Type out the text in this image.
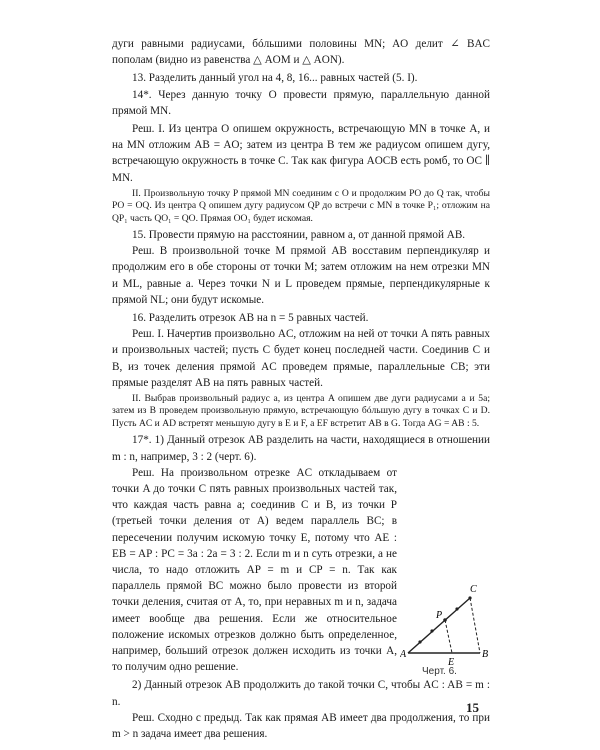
дуги равными радиусами, бóльшими половины MN; AO делит ∠ BAC пополам (видно из равенства △ AOM и △ AON).

13. Разделить данный угол на 4, 8, 16... равных частей (5. I).

14*. Через данную точку O провести прямую, параллельную данной прямой MN.

Реш. I. Из центра O опишем окружность, встречающую MN в точке A, и на MN отложим AB = AO; затем из центра B тем же радиусом опишем дугу, встречающую окружность в точке C. Так как фигура AOCB есть ромб, то OC ∥ MN.

II. Произвольную точку P прямой MN соединим с O и продолжим PO до Q так, чтобы PO = OQ. Из центра Q опишем дугу радиусом QP до встречи с MN в точке P₁; отложим на QP₁ часть QO₁ = QO. Прямая OO₁ будет искомая.

15. Провести прямую на расстоянии, равном a, от данной прямой AB.

Реш. В произвольной точке M прямой AB восставим перпендикуляр и продолжим его в обе стороны от точки M; затем отложим на нем отрезки MN и ML, равные a. Через точки N и L проведем прямые, перпендикулярные к прямой NL; они будут искомые.

16. Разделить отрезок AB на n = 5 равных частей.

Реш. I. Начертив произвольно AC, отложим на ней от точки A пять равных и произвольных частей; пусть C будет конец последней части. Соединив C и B, из точек деления прямой AC проведем прямые, параллельные CB; эти прямые разделят AB на пять равных частей.

II. Выбрав произвольный радиус a, из центра A опишем две дуги радиусами a и 5a; затем из B проведем произвольную прямую, встречающую бóльшую дугу в точках C и D. Пусть AC и AD встретят меньшую дугу в E и F, а EF встретит AB в G. Тогда AG = AB : 5.

17*. 1) Данный отрезок AB разделить на части, находящиеся в отношении m : n, например, 3 : 2 (черт. 6).

Реш. На произвольном отрезке AC откладываем от точки A до точки C пять равных произвольных частей так, что каждая часть равна a; соединив C и B, из точки P (третьей точки деления от A) ведем параллель BC; в пересечении получим искомую точку E, потому что AE : EB = AP : PC = 3a : 2a = 3 : 2. Если m и n суть отрезки, а не числа, то надо отложить AP = m и CP = n. Так как параллель прямой BC можно было провести из второй точки деления, считая от A, то, при неравных m и n, задача имеет вообще два решения. Если же относительное положение искомых отрезков должно быть определенное, например, больший отрезок должен исходить из точки A, то получим одно решение.

2) Данный отрезок AB продолжить до такой точки C, чтобы AC : AB = m : n.

Реш. Сходно с предыд. Так как прямая AB имеет два продолжения, то при m > n задача имеет два решения.

A	B
C
P
E
Черт. 6.
15
